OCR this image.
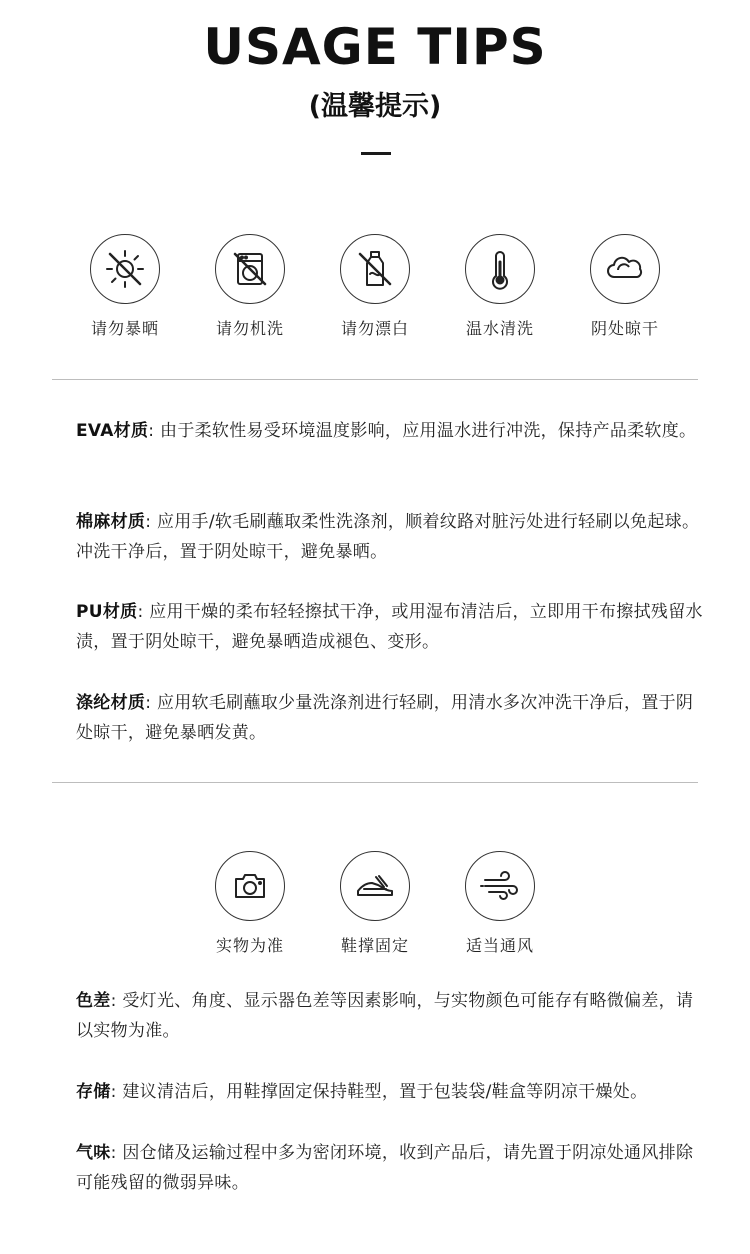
USAGE TIPS
(温馨提示)
请勿暴晒	请勿机洗	请勿漂白	温水清洗	阴处晾干
EVA材质: 由于柔软性易受环境温度影响，应用温水进行冲洗，保持产品柔软度。
棉麻材质: 应用手/软毛刷蘸取柔性洗涤剂，顺着纹路对脏污处进行轻刷以免起球。冲洗干净后，置于阴处晾干，避免暴晒。
PU材质: 应用干燥的柔布轻轻擦拭干净，或用湿布清洁后，立即用干布擦拭残留水渍，置于阴处晾干，避免暴晒造成褪色、变形。
涤纶材质: 应用软毛刷蘸取少量洗涤剂进行轻刷，用清水多次冲洗干净后，置于阴处晾干，避免暴晒发黄。
实物为准	鞋撑固定	适当通风
色差: 受灯光、角度、显示器色差等因素影响，与实物颜色可能存有略微偏差，请以实物为准。
存储: 建议清洁后，用鞋撑固定保持鞋型，置于包装袋/鞋盒等阴凉干燥处。
气味: 因仓储及运输过程中多为密闭环境，收到产品后，请先置于阴凉处通风排除可能残留的微弱异味。
